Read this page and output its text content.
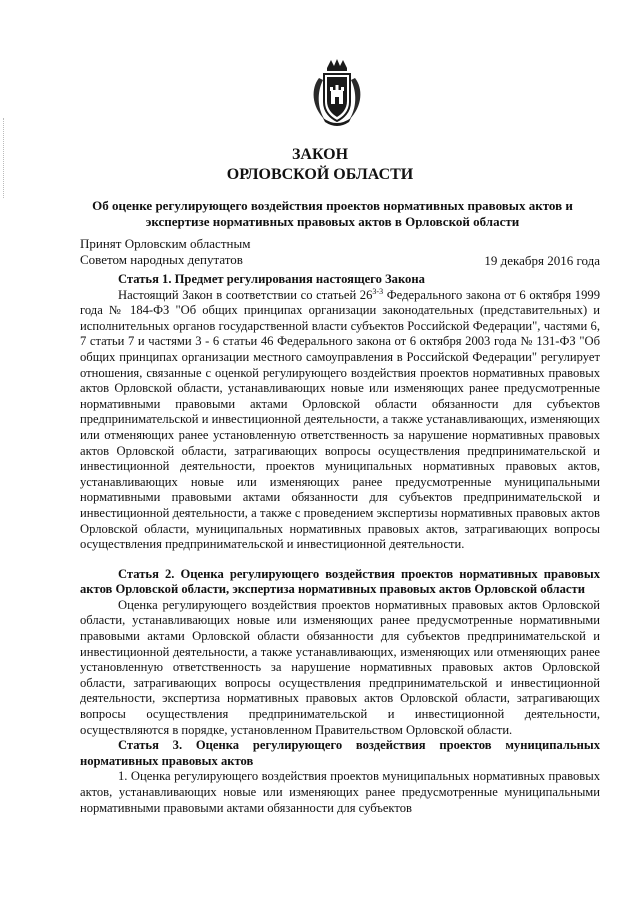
ЗАКОН
ОРЛОВСКОЙ ОБЛАСТИ
Об оценке регулирующего воздействия проектов нормативных правовых актов и экспертизе нормативных правовых актов в Орловской области
Принят Орловским областным
Советом народных депутатов	19 декабря 2016 года
Статья 1. Предмет регулирования настоящего Закона

Настоящий Закон в соответствии со статьей 26$^{3-3}$ Федерального закона от 6 октября 1999 года № 184-ФЗ "Об общих принципах организации законодательных (представительных) и исполнительных органов государственной власти субъектов Российской Федерации", частями 6, 7 статьи 7 и частями 3 - 6 статьи 46 Федерального закона от 6 октября 2003 года № 131-ФЗ "Об общих принципах организации местного самоуправления в Российской Федерации" регулирует отношения, связанные с оценкой регулирующего воздействия проектов нормативных правовых актов Орловской области, устанавливающих новые или изменяющих ранее предусмотренные нормативными правовыми актами Орловской области обязанности для субъектов предпринимательской и инвестиционной деятельности, а также устанавливающих, изменяющих или отменяющих ранее установленную ответственность за нарушение нормативных правовых актов Орловской области, затрагивающих вопросы осуществления предпринимательской и инвестиционной деятельности, проектов муниципальных нормативных правовых актов, устанавливающих новые или изменяющих ранее предусмотренные муниципальными нормативными правовыми актами обязанности для субъектов предпринимательской и инвестиционной деятельности, а также с проведением экспертизы нормативных правовых актов Орловской области, муниципальных нормативных правовых актов, затрагивающих вопросы осуществления предпринимательской и инвестиционной деятельности.

Статья 2. Оценка регулирующего воздействия проектов нормативных правовых актов Орловской области, экспертиза нормативных правовых актов Орловской области

Оценка регулирующего воздействия проектов нормативных правовых актов Орловской области, устанавливающих новые или изменяющих ранее предусмотренные нормативными правовыми актами Орловской области обязанности для субъектов предпринимательской и инвестиционной деятельности, а также устанавливающих, изменяющих или отменяющих ранее установленную ответственность за нарушение нормативных правовых актов Орловской области, затрагивающих вопросы осуществления предпринимательской и инвестиционной деятельности, экспертиза нормативных правовых актов Орловской области, затрагивающих вопросы осуществления предпринимательской и инвестиционной деятельности, осуществляются в порядке, установленном Правительством Орловской области.

Статья 3. Оценка регулирующего воздействия проектов муниципальных нормативных правовых актов

1. Оценка регулирующего воздействия проектов муниципальных нормативных правовых актов, устанавливающих новые или изменяющих ранее предусмотренные муниципальными нормативными правовыми актами обязанности для субъектов
